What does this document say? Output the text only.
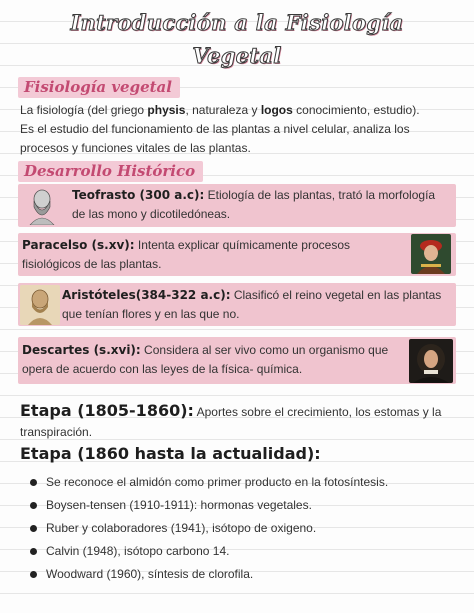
Introducción a la Fisiología
Vegetal
Fisiología vegetal
La fisiología (del griego physis, naturaleza y logos conocimiento, estudio).
Es el estudio del funcionamiento de las plantas a nivel celular, analiza los
procesos y funciones vitales de las plantas.
Desarrollo Histórico
Teofrasto (300 a.c): Etiología de las plantas, trató la morfología
de las mono y dicotiledóneas.
Paracelso (s.xv): Intenta explicar químicamente procesos
fisiológicos de las plantas.
Aristóteles(384-322 a.c): Clasificó el reino vegetal en las plantas
que tenían flores y en las que no.
Descartes (s.xvi): Considera al ser vivo como un organismo que
opera de acuerdo con las leyes de la física- química.
Etapa (1805-1860): Aportes sobre el crecimiento, los estomas y la
transpiración.
Etapa (1860 hasta la actualidad):
Se reconoce el almidón como primer producto en la fotosíntesis.
Boysen-tensen (1910-1911): hormonas vegetales.
Ruber y colaboradores (1941), isótopo de oxigeno.
Calvin (1948), isótopo carbono 14.
Woodward (1960), síntesis de clorofila.
